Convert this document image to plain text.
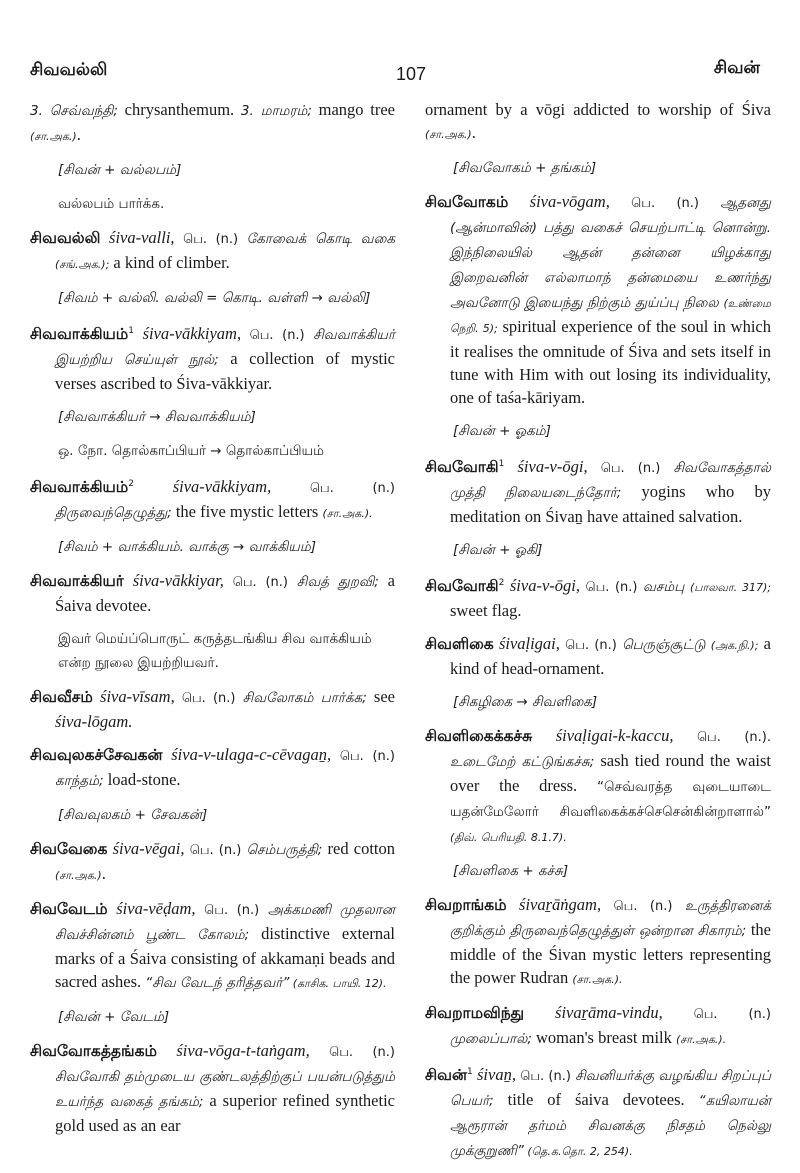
சிவவல்லி	107	சிவன்
3. செவ்வந்தி; chrysanthemum. 3. மாமரம்; mango tree (சா.அக.).
[சிவன் + வல்லபம்]
வல்லபம் பார்க்க.
சிவவல்லி śiva-valli, பெ. (n.) கோவைக் கொடி வகை (சங்.அக.); a kind of climber.
[சிவம் + வல்லி. வல்லி = கொடி. வள்ளி → வல்லி]
சிவவாக்கியம்$^1$ śiva-vākkiyam, பெ. (n.) சிவவாக்கியர் இயற்றிய செய்யுள் நூல்; a collection of mystic verses ascribed to Śiva-vākkiyar.
[சிவவாக்கியர் → சிவவாக்கியம்]
ஒ. நோ. தொல்காப்பியர் → தொல்காப்பியம்
சிவவாக்கியம்$^2$ śiva-vākkiyam, பெ. (n.) திருவைந்தெழுத்து; the five mystic letters (சா.அக.).
[சிவம் + வாக்கியம். வாக்கு → வாக்கியம்]
சிவவாக்கியர் śiva-vākkiyar, பெ. (n.) சிவத் துறவி; a Śaiva devotee.
இவர் மெய்ப்பொருட் கருத்தடங்கிய சிவ வாக்கியம் என்ற நூலை இயற்றியவர்.
சிவவீசம் śiva-vīsam, பெ. (n.) சிவலோகம் பார்க்க; see śiva-lōgam.
சிவவுலகச்சேவகன் śiva-v-ulaga-c-cēvagaṉ, பெ. (n.) காந்தம்; load-stone.
[சிவவுலகம் + சேவகன்]
சிவவேகை śiva-vēgai, பெ. (n.) செம்பருத்தி; red cotton (சா.அக.).
சிவவேடம் śiva-vēḍam, பெ. (n.) அக்கமணி முதலான சிவச்சின்னம் பூண்ட கோலம்; distinctive external marks of a Śaiva consisting of akkamaṇi beads and sacred ashes. “சிவ வேடந் தரித்தவர்” (காசிக. பாயி. 12).
[சிவன் + வேடம்]
சிவவோகத்தங்கம் śiva-vōga-t-taṅgam, பெ. (n.) சிவவோகி தம்முடைய குண்டலத்திற்குப் பயன்படுத்தும் உயர்ந்த வகைத் தங்கம்; a superior refined synthetic gold used as an ear
ornament by a vōgi addicted to worship of Śiva (சா.அக.).
[சிவவோகம் + தங்கம்]
சிவவோகம் śiva-vōgam, பெ. (n.) ஆதனது (ஆன்மாவின்) பத்து வகைச் செயற்பாட்டி னொன்று. இந்நிலையில் ஆதன் தன்னை யிழக்காது இறைவனின் எல்லாமாந் தன்மையை உணர்ந்து அவனோடு இயைந்து நிற்கும் துய்ப்பு நிலை (உண்மை நெறி. 5); spiritual experience of the soul in which it realises the omnitude of Śiva and sets itself in tune with Him with out losing its individuality, one of taśa-kāriyam.
[சிவன் + ஓகம்]
சிவவோகி$^1$ śiva-v-ōgi, பெ. (n.) சிவவோகத்தால் முத்தி நிலையடைந்தோர்; yogins who by meditation on Śivaṉ have attained salvation.
[சிவன் + ஓகி]
சிவவோகி$^2$ śiva-v-ōgi, பெ. (n.) வசம்பு (பாலவா. 317); sweet flag.
சிவளிகை śivaḷigai, பெ. (n.) பெருஞ்சூட்டு (அக.நி.); a kind of head-ornament.
[சிகழிகை → சிவளிகை]
சிவளிகைக்கச்சு śivaḷigai-k-kaccu, பெ. (n.). உடைமேற் கட்டுங்கச்சு; sash tied round the waist over the dress. “செவ்வரத்த வுடையாடை யதன்மேலோர் சிவளிகைக்கச்செசென்கின்றாளால்” (திவ். பெரியதி. 8.1.7).
[சிவளிகை + கச்சு]
சிவறாங்கம் śivaṟāṅgam, பெ. (n.) உருத்திரனைக் குறிக்கும் திருவைந்தெழுத்துள் ஒன்றான சிகாரம்; the middle of the Śivan mystic letters representing the power Rudran (சா.அக.).
சிவறாமவிந்து śivaṟāma-vindu, பெ. (n.) முலைப்பால்; woman's breast milk (சா.அக.).
சிவன்$^1$ śivaṉ, பெ. (n.) சிவனியர்க்கு வழங்கிய சிறப்புப் பெயர்; title of śaiva devotees. “கயிலாயன் ஆரூரான் தர்மம் சிவனக்கு நிசதம் நெல்லு முக்குறுணி” (தெ.க.தொ. 2, 254).
